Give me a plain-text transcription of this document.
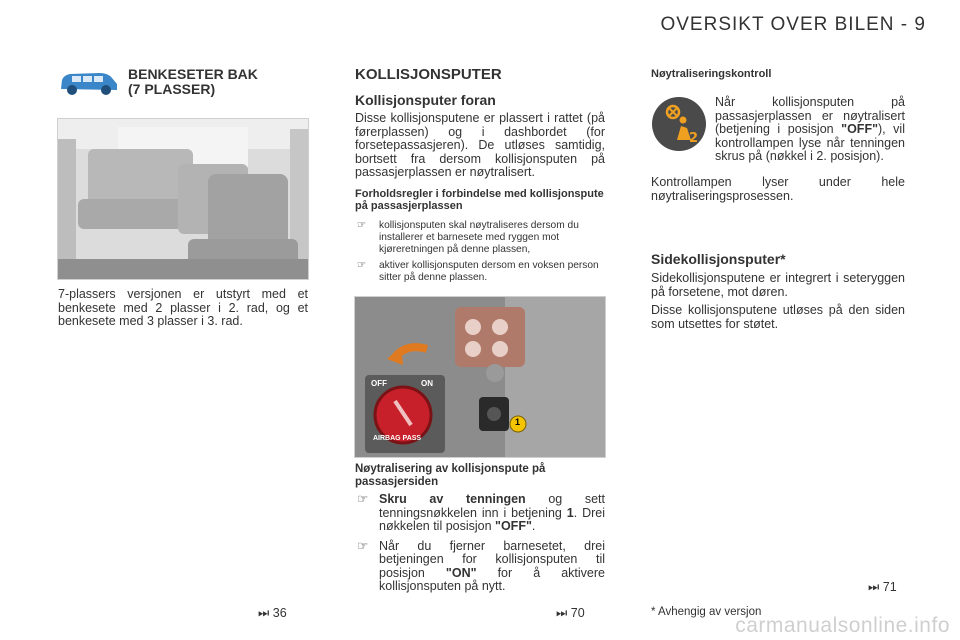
OVERSIKT OVER BILEN - 9
BENKESETER BAK
(7 PLASSER)
7-plassers versjonen er utstyrt med et benkesete med 2 plasser i 2. rad, og et benkesete med 3 plasser i 3. rad.
⏭ 36
KOLLISJONSPUTER
Kollisjonsputer foran
Disse kollisjonsputene er plassert i rattet (på førerplassen) og i dashbordet (for forsetepassasjeren). De utløses samtidig, bortsett fra dersom kollisjonsputen på passasjerplassen er nøytralisert.
Forholdsregler i forbindelse med kollisjonspute på passasjerplassen
☞ kollisjonsputen skal nøytraliseres dersom du installerer et barnesete med ryggen mot kjøreretningen på denne plassen,
☞ aktiver kollisjonsputen dersom en voksen person sitter på denne plassen.
OFF	ON
AIRBAG PASS
1
Nøytralisering av kollisjonspute på passasjersiden
☞ Skru av tenningen og sett tenningsnøkkelen inn i betjening 1. Drei nøkkelen til posisjon "OFF".
☞ Når du fjerner barnesetet, drei betjeningen for kollisjonsputen til posisjon "ON" for å aktivere kollisjonsputen på nytt.
⏭ 70
Nøytraliseringskontroll
2
Når kollisjonsputen på passasjerplassen er nøytralisert (betjening i posisjon "OFF"), vil kontrollampen lyse når tenningen skrus på (nøkkel i 2. posisjon).
Kontrollampen lyser under hele nøytraliseringsprosessen.
Sidekollisjonsputer*

Sidekollisjonsputene er integrert i seteryggen på forsetene, mot døren.

Disse kollisjonsputene utløses på den siden som utsettes for støtet.

⏭ 71
* Avhengig av versjon
carmanualsonline.info
